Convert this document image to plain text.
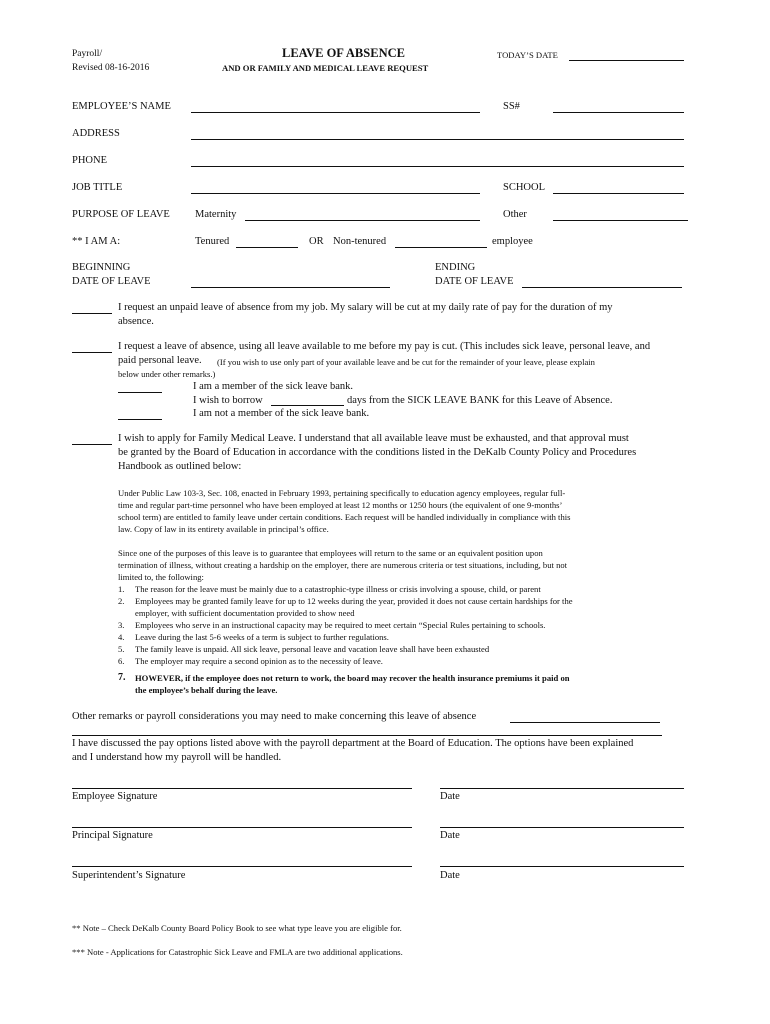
Payroll/
Revised 08-16-2016
LEAVE OF ABSENCE
AND OR FAMILY AND MEDICAL LEAVE REQUEST
TODAY’S DATE
EMPLOYEE’S NAME	SS#
ADDRESS
PHONE
JOB TITLE	SCHOOL
PURPOSE OF LEAVE Maternity	Other
** I AM A:	Tenured	OR Non-tenured	employee
BEGINNING
DATE OF LEAVE
ENDING
DATE OF LEAVE
I request an unpaid leave of absence from my job. My salary will be cut at my daily rate of pay for the duration of my
absence.
I request a leave of absence, using all leave available to me before my pay is cut. (This includes sick leave, personal leave, and
paid personal leave. (If you wish to use only part of your available leave and be cut for the remainder of your leave, please explain
below under other remarks.)
I am a member of the sick leave bank.
I wish to borrow	days from the SICK LEAVE BANK for this Leave of Absence.
I am not a member of the sick leave bank.
I wish to apply for Family Medical Leave. I understand that all available leave must be exhausted, and that approval must
be granted by the Board of Education in accordance with the conditions listed in the DeKalb County Policy and Procedures
Handbook as outlined below:
Under Public Law 103-3, Sec. 108, enacted in February 1993, pertaining specifically to education agency employees, regular full-
time and regular part-time personnel who have been employed at least 12 months or 1250 hours (the equivalent of one 9-months’
school term) are entitled to family leave under certain conditions. Each request will be handled individually in compliance with this
law. Copy of law in its entirety available in principal’s office.
Since one of the purposes of this leave is to guarantee that employees will return to the same or an equivalent position upon
termination of illness, without creating a hardship on the employer, there are numerous criteria or test situations, including, but not
limited to, the following:
1. The reason for the leave must be mainly due to a catastrophic-type illness or crisis involving a spouse, child, or parent
2. Employees may be granted family leave for up to 12 weeks during the year, provided it does not cause certain hardships for the
employer, with sufficient documentation provided to show need
3. Employees who serve in an instructional capacity may be required to meet certain “Special Rules pertaining to schools.
4. Leave during the last 5-6 weeks of a term is subject to further regulations.
5. The family leave is unpaid. All sick leave, personal leave and vacation leave shall have been exhausted
6. The employer may require a second opinion as to the necessity of leave.
7. HOWEVER, if the employee does not return to work, the board may recover the health insurance premiums it paid on
the employee’s behalf during the leave.
Other remarks or payroll considerations you may need to make concerning this leave of absence
I have discussed the pay options listed above with the payroll department at the Board of Education. The options have been explained
and I understand how my payroll will be handled.
Employee Signature	Date
Principal Signature	Date
Superintendent’s Signature	Date
** Note – Check DeKalb County Board Policy Book to see what type leave you are eligible for.
*** Note - Applications for Catastrophic Sick Leave and FMLA are two additional applications.
